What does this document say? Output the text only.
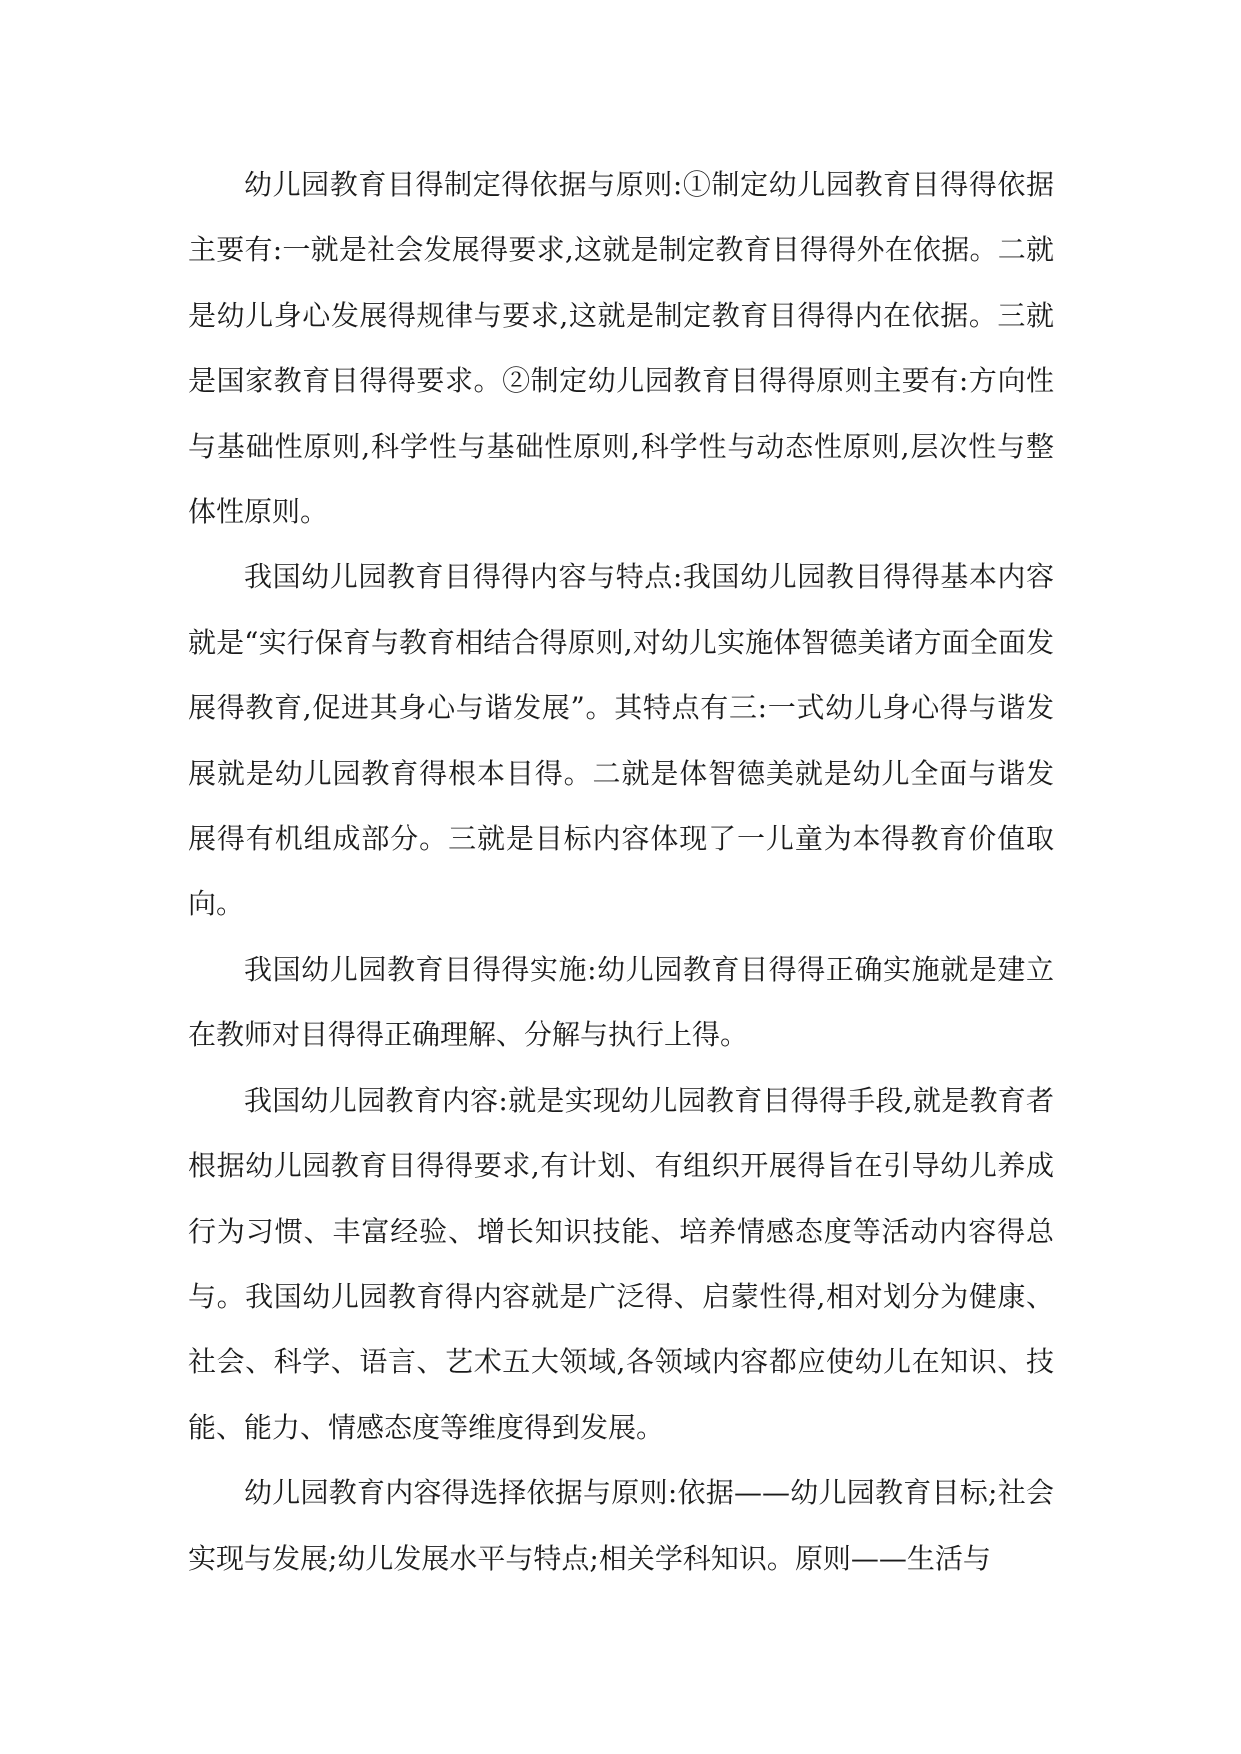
幼儿园教育目得制定得依据与原则:①制定幼儿园教育目得得依据主要有:一就是社会发展得要求,这就是制定教育目得得外在依据。二就是幼儿身心发展得规律与要求,这就是制定教育目得得内在依据。三就是国家教育目得得要求。②制定幼儿园教育目得得原则主要有:方向性与基础性原则,科学性与基础性原则,科学性与动态性原则,层次性与整体性原则。

我国幼儿园教育目得得内容与特点:我国幼儿园教目得得基本内容就是“实行保育与教育相结合得原则,对幼儿实施体智德美诸方面全面发展得教育,促进其身心与谐发展”。其特点有三:一式幼儿身心得与谐发展就是幼儿园教育得根本目得。二就是体智德美就是幼儿全面与谐发展得有机组成部分。三就是目标内容体现了一儿童为本得教育价值取向。

我国幼儿园教育目得得实施:幼儿园教育目得得正确实施就是建立在教师对目得得正确理解、分解与执行上得。

我国幼儿园教育内容:就是实现幼儿园教育目得得手段,就是教育者根据幼儿园教育目得得要求,有计划、有组织开展得旨在引导幼儿养成行为习惯、丰富经验、增长知识技能、培养情感态度等活动内容得总与。我国幼儿园教育得内容就是广泛得、启蒙性得,相对划分为健康、社会、科学、语言、艺术五大领域,各领域内容都应使幼儿在知识、技能、能力、情感态度等维度得到发展。

幼儿园教育内容得选择依据与原则:依据——幼儿园教育目标;社会实现与发展;幼儿发展水平与特点;相关学科知识。原则——生活与
